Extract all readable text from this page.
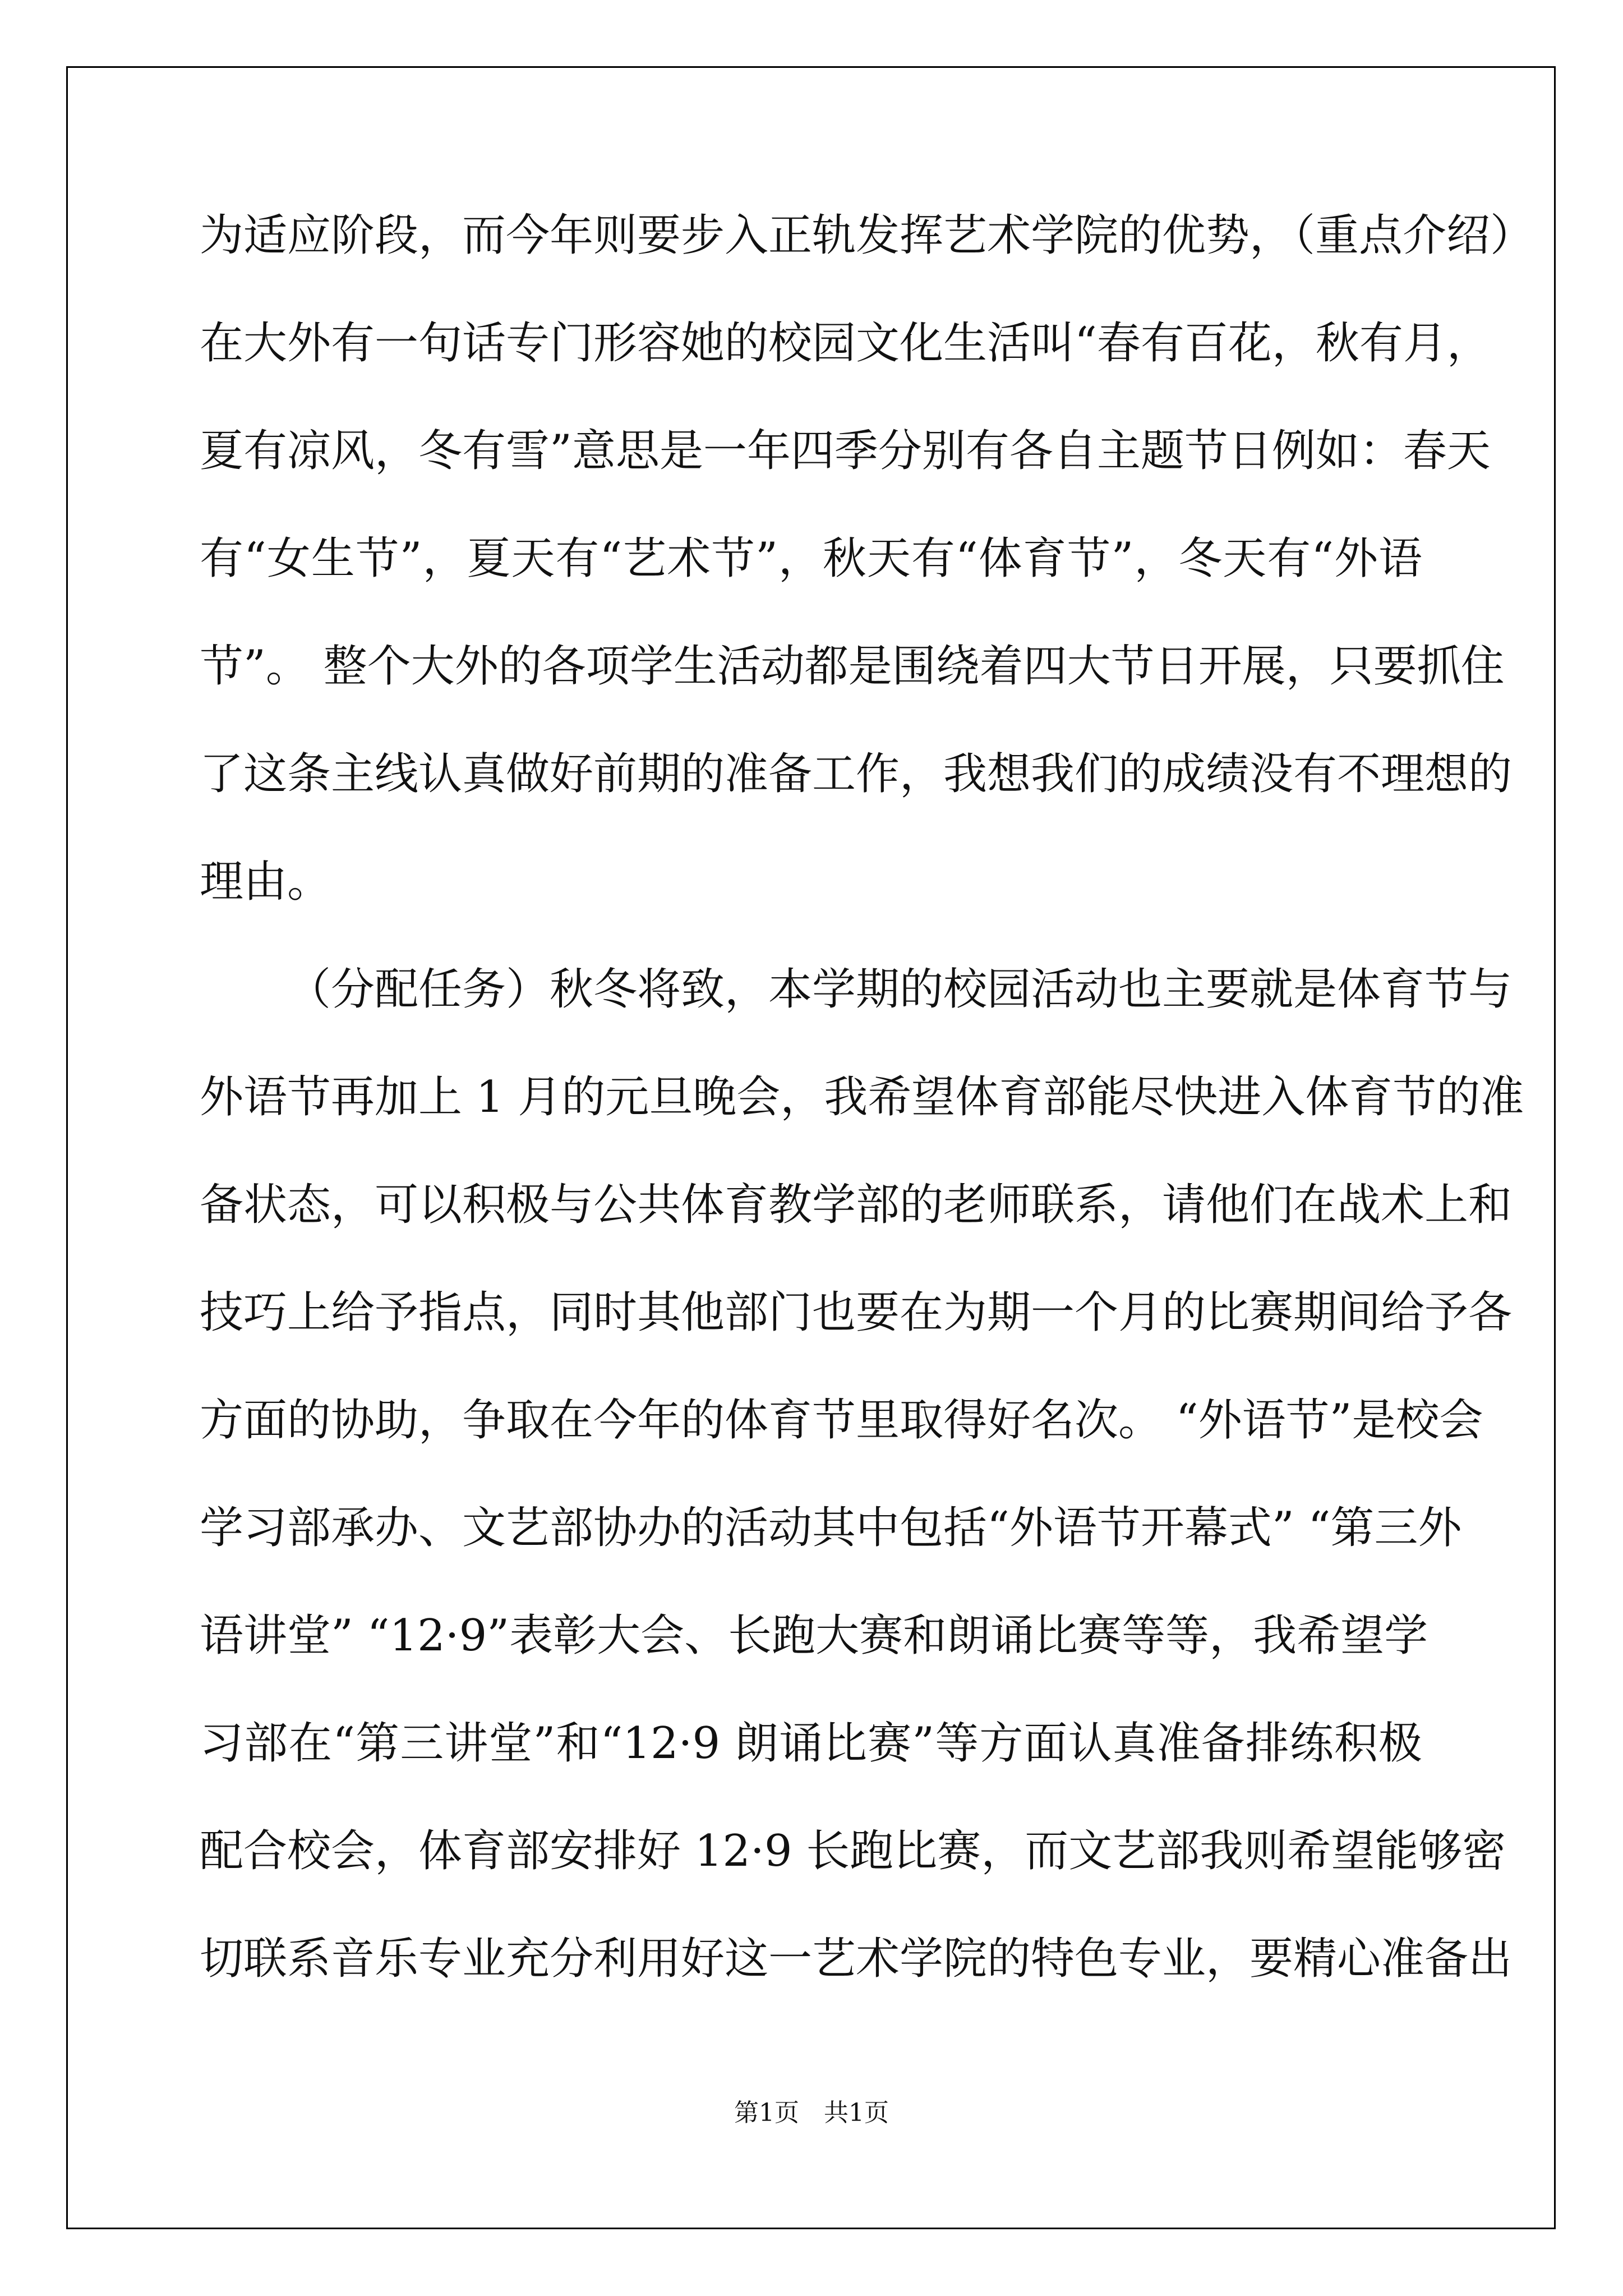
为适应阶段，而今年则要步入正轨发挥艺术学院的优势，（重点介绍）
在大外有一句话专门形容她的校园文化生活叫“春有百花，秋有月，
夏有凉风，冬有雪”意思是一年四季分别有各自主题节日例如：春天
有“女生节”，夏天有“艺术节”，秋天有“体育节”，冬天有“外语
节”。 整个大外的各项学生活动都是围绕着四大节日开展，只要抓住
了这条主线认真做好前期的准备工作，我想我们的成绩没有不理想的
理由。
（分配任务）秋冬将致，本学期的校园活动也主要就是体育节与
外语节再加上 1 月的元旦晚会，我希望体育部能尽快进入体育节的准
备状态，可以积极与公共体育教学部的老师联系，请他们在战术上和
技巧上给予指点，同时其他部门也要在为期一个月的比赛期间给予各
方面的协助，争取在今年的体育节里取得好名次。 “外语节”是校会
学习部承办、文艺部协办的活动其中包括“外语节开幕式” “第三外
语讲堂” “12·9”表彰大会、长跑大赛和朗诵比赛等等，我希望学
习部在“第三讲堂”和“12·9 朗诵比赛”等方面认真准备排练积极
配合校会，体育部安排好 12·9 长跑比赛，而文艺部我则希望能够密
切联系音乐专业充分利用好这一艺术学院的特色专业，要精心准备出
第1页　共1页
